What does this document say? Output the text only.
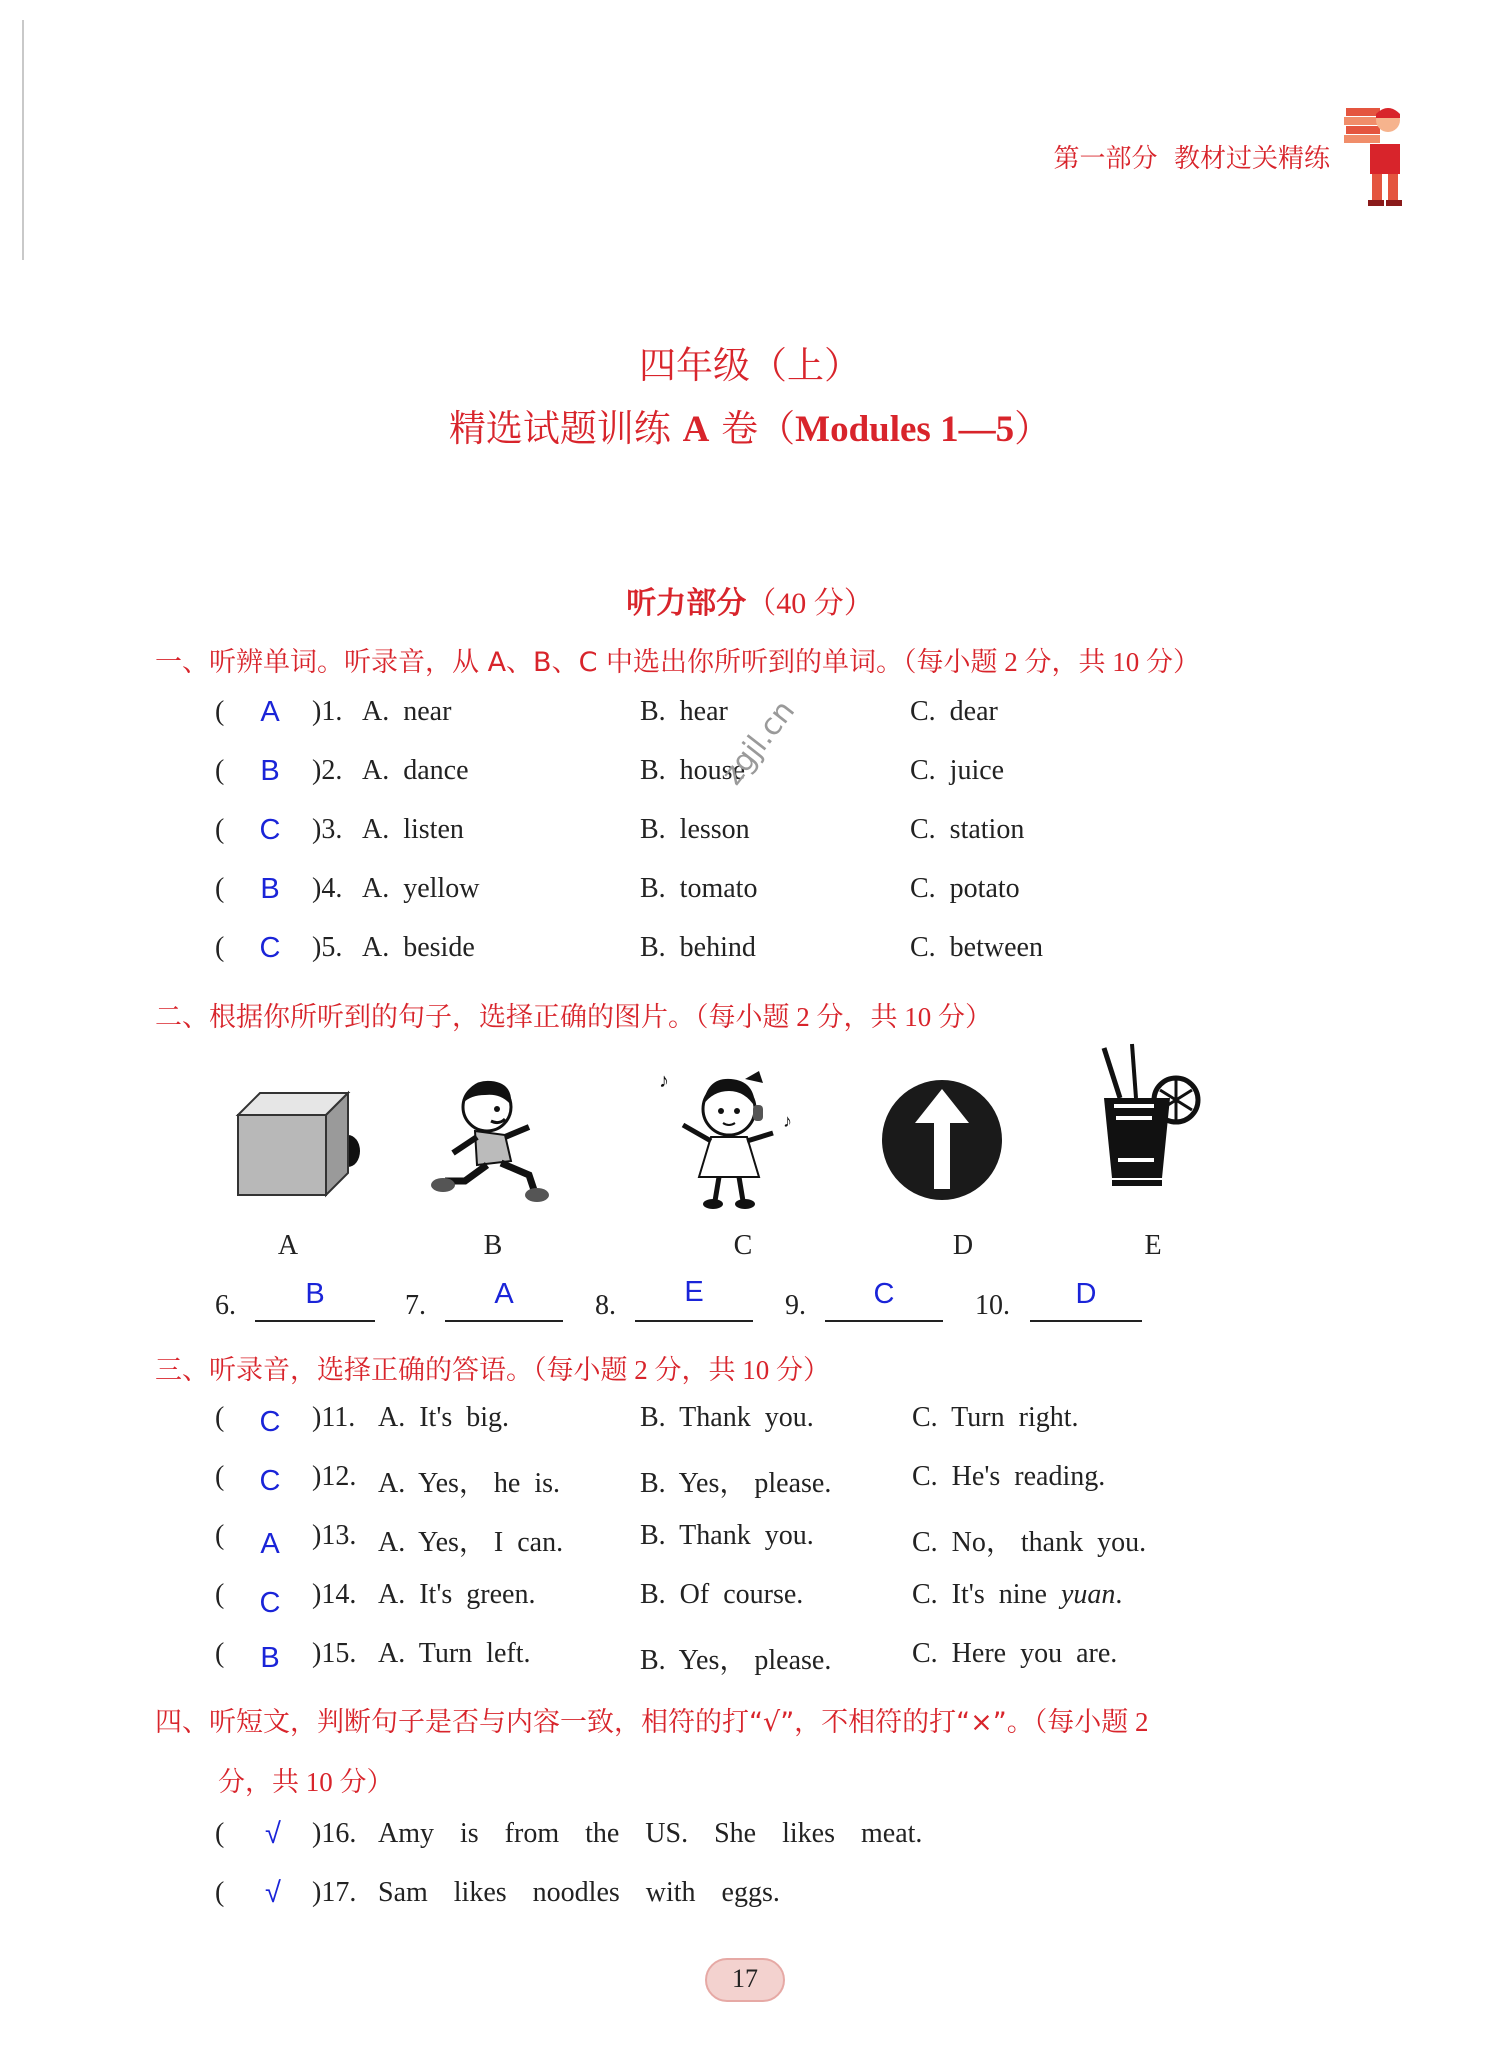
第一部分  教材过关精练
四年级（上）
精选试题训练 A 卷（Modules 1—5）
听力部分（40 分）
一、听辨单词。听录音，从 A、B、C 中选出你所听到的单词。（每小题 2 分，共 10 分）
( A )1. A.  near	B.  hear	C.  dear
( B )2. A.  dance	B.  house	C.  juice
( C )3. A.  listen	B.  lesson	C.  station
( B )4. A.  yellow	B.  tomato	C.  potato
( C )5. A.  beside	B.  behind	C.  between
zgjl.cn
二、根据你所听到的句子，选择正确的图片。（每小题 2 分，共 10 分）
♪
♪
A	B	C	D	E
6.	B	7.	A	8.	E	9.	C	10.	D
三、听录音，选择正确的答语。（每小题 2 分，共 10 分）
( C )11. A.  It's  big.	B.  Thank  you.	C.  Turn  right.
( C )12. A.  Yes， he  is.	B.  Yes， please.	C.  He's  reading.
( A )13. A.  Yes， I  can.	B.  Thank  you.	C.  No， thank  you.
( C )14. A.  It's  green.	B.  Of  course.	C.  It's  nine  yuan.
( B )15. A.  Turn  left.	B.  Yes， please.	C.  Here  you  are.
四、听短文，判断句子是否与内容一致，相符的打“√”，不相符的打“×”。（每小题 2
分，共 10 分）
( √ )16. Amy  is  from  the  US.  She  likes  meat.
( √ )17. Sam  likes  noodles  with  eggs.
17
